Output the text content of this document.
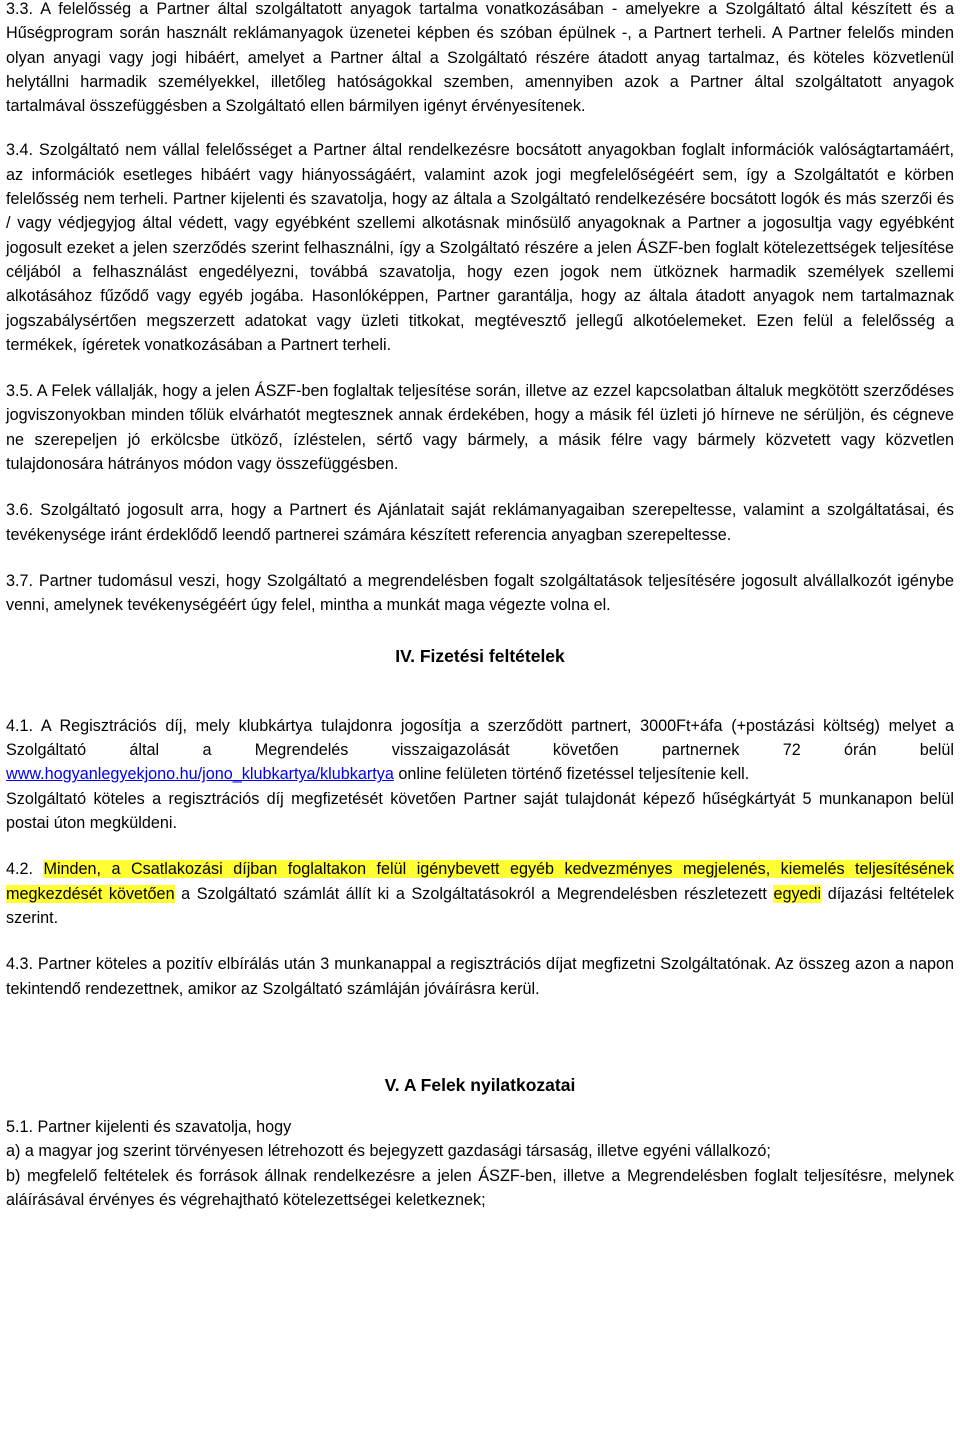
3.3. A felelősség a Partner által szolgáltatott anyagok tartalma vonatkozásában - amelyekre a Szolgáltató által készített és a Hűségprogram során használt reklámanyagok üzenetei képben és szóban épülnek -, a Partnert terheli. A Partner felelős minden olyan anyagi vagy jogi hibáért, amelyet a Partner által a Szolgáltató részére átadott anyag tartalmaz, és köteles közvetlenül helytállni harmadik személyekkel, illetőleg hatóságokkal szemben, amennyiben azok a Partner által szolgáltatott anyagok tartalmával összefüggésben a Szolgáltató ellen bármilyen igényt érvényesítenek.

3.4. Szolgáltató nem vállal felelősséget a Partner által rendelkezésre bocsátott anyagokban foglalt információk valóságtartamáért, az információk esetleges hibáért vagy hiányosságáért, valamint azok jogi megfelelőségéért sem, így a Szolgáltatót e körben felelősség nem terheli. Partner kijelenti és szavatolja, hogy az általa a Szolgáltató rendelkezésére bocsátott logók és más szerzői és / vagy védjegyjog által védett, vagy egyébként szellemi alkotásnak minősülő anyagoknak a Partner a jogosultja vagy egyébként jogosult ezeket a jelen szerződés szerint felhasználni, így a Szolgáltató részére a jelen ÁSZF-ben foglalt kötelezettségek teljesítése céljából a felhasználást engedélyezni, továbbá szavatolja, hogy ezen jogok nem ütköznek harmadik személyek szellemi alkotásához fűződő vagy egyéb jogába. Hasonlóképpen, Partner garantálja, hogy az általa átadott anyagok nem tartalmaznak jogszabálysértően megszerzett adatokat vagy üzleti titkokat, megtévesztő jellegű alkotóelemeket. Ezen felül a felelősség a termékek, ígéretek vonatkozásában a Partnert terheli.

3.5. A Felek vállalják, hogy a jelen ÁSZF-ben foglaltak teljesítése során, illetve az ezzel kapcsolatban általuk megkötött szerződéses jogviszonyokban minden tőlük elvárhatót megtesznek annak érdekében, hogy a másik fél üzleti jó hírneve ne sérüljön, és cégneve ne szerepeljen jó erkölcsbe ütköző, ízléstelen, sértő vagy bármely, a másik félre vagy bármely közvetett vagy közvetlen tulajdonosára hátrányos módon vagy összefüggésben.

3.6. Szolgáltató jogosult arra, hogy a Partnert és Ajánlatait saját reklámanyagaiban szerepeltesse, valamint a szolgáltatásai, és tevékenysége iránt érdeklődő leendő partnerei számára készített referencia anyagban szerepeltesse.

3.7. Partner tudomásul veszi, hogy Szolgáltató a megrendelésben fogalt szolgáltatások teljesítésére jogosult alvállalkozót igénybe venni, amelynek tevékenységéért úgy felel, mintha a munkát maga végezte volna el.

IV. Fizetési feltételek

4.1. A Regisztrációs díj, mely klubkártya tulajdonra jogosítja a szerződött partnert, 3000Ft+áfa (+postázási költség) melyet a Szolgáltató által a Megrendelés visszaigazolását követően partnernek 72 órán belül www.hogyanlegyekjono.hu/jono_klubkartya/klubkartya online felületen történő fizetéssel teljesítenie kell.

Szolgáltató köteles a regisztrációs díj megfizetését követően Partner saját tulajdonát képező hűségkártyát 5 munkanapon belül postai úton megküldeni.

4.2. Minden, a Csatlakozási díjban foglaltakon felül igénybevett egyéb kedvezményes megjelenés, kiemelés teljesítésének megkezdését követően a Szolgáltató számlát állít ki a Szolgáltatásokról a Megrendelésben részletezett egyedi díjazási feltételek szerint.

4.3. Partner köteles a pozitív elbírálás után 3 munkanappal a regisztrációs díjat megfizetni Szolgáltatónak. Az összeg azon a napon tekintendő rendezettnek, amikor az Szolgáltató számláján jóváírásra kerül.

V. A Felek nyilatkozatai

5.1. Partner kijelenti és szavatolja, hogy

a) a magyar jog szerint törvényesen létrehozott és bejegyzett gazdasági társaság, illetve egyéni vállalkozó;

b) megfelelő feltételek és források állnak rendelkezésre a jelen ÁSZF-ben, illetve a Megrendelésben foglalt teljesítésre, melynek aláírásával érvényes és végrehajtható kötelezettségei keletkeznek;
